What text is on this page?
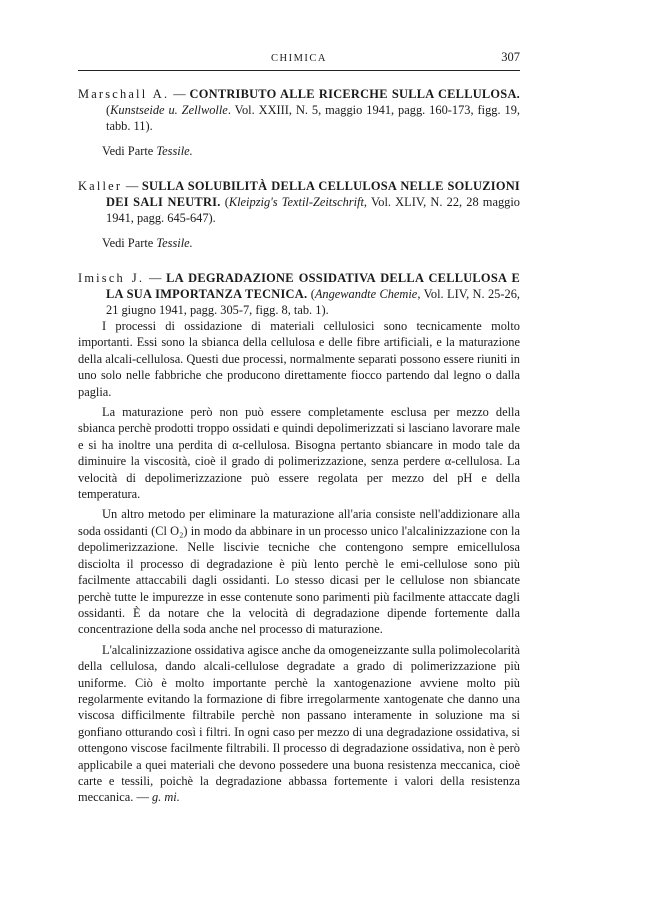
CHIMICA	307

Marschall A. — CONTRIBUTO ALLE RICERCHE SULLA CELLULOSA. (Kunstseide u. Zellwolle. Vol. XXIII, N. 5, maggio 1941, pagg. 160-173, figg. 19, tabb. 11).

Vedi Parte Tessile.

Kaller — SULLA SOLUBILITÀ DELLA CELLULOSA NELLE SOLUZIONI DEI SALI NEUTRI. (Kleipzig's Textil-Zeitschrift, Vol. XLIV, N. 22, 28 maggio 1941, pagg. 645-647).

Vedi Parte Tessile.

Imisch J. — LA DEGRADAZIONE OSSIDATIVA DELLA CELLULOSA E LA SUA IMPORTANZA TECNICA. (Angewandte Chemie, Vol. LIV, N. 25-26, 21 giugno 1941, pagg. 305-7, figg. 8, tab. 1).

I processi di ossidazione di materiali cellulosici sono tecnicamente molto importanti. Essi sono la sbianca della cellulosa e delle fibre artificiali, e la maturazione della alcali-cellulosa. Questi due processi, normalmente separati possono essere riuniti in uno solo nelle fabbriche che producono direttamente fiocco partendo dal legno o dalla paglia.

La maturazione però non può essere completamente esclusa per mezzo della sbianca perchè prodotti troppo ossidati e quindi depolimerizzati si lasciano lavorare male e si ha inoltre una perdita di α-cellulosa. Bisogna pertanto sbiancare in modo tale da diminuire la viscosità, cioè il grado di polimerizzazione, senza perdere α-cellulosa. La velocità di depolimerizzazione può essere regolata per mezzo del pH e della temperatura.

Un altro metodo per eliminare la maturazione all'aria consiste nell'addizionare alla soda ossidanti (Cl O₂) in modo da abbinare in un processo unico l'alcalinizzazione con la depolimerizzazione. Nelle lisciviе tecniche che contengono sempre emicellulosa disciolta il processo di degradazione è più lento perchè le emi-cellulose sono più facilmente attaccabili dagli ossidanti. Lo stesso dicasi per le cellulose non sbiancate perchè tutte le impurezze in esse contenute sono parimenti più facilmente attaccate dagli ossidanti. È da notare che la velocità di degradazione dipende fortemente dalla concentrazione della soda anche nel processo di maturazione.

L'alcalinizzazione ossidativa agisce anche da omogeneizzante sulla polimolecolarità della cellulosa, dando alcali-cellulose degradate a grado di polimerizzazione più uniforme. Ciò è molto importante perchè la xantogenazione avviene molto più regolarmente evitando la formazione di fibre irregolarmente xantogenate che danno una viscosa difficilmente filtrabile perchè non passano interamente in soluzione ma si gonfiano otturando così i filtri. In ogni caso per mezzo di una degradazione ossidativa, si ottengono viscose facilmente filtrabili. Il processo di degradazione ossidativa, non è però applicabile a quei materiali che devono possedere una buona resistenza meccanica, cioè carte e tessili, poichè la degradazione abbassa fortemente i valori della resistenza meccanica. — g. mi.
